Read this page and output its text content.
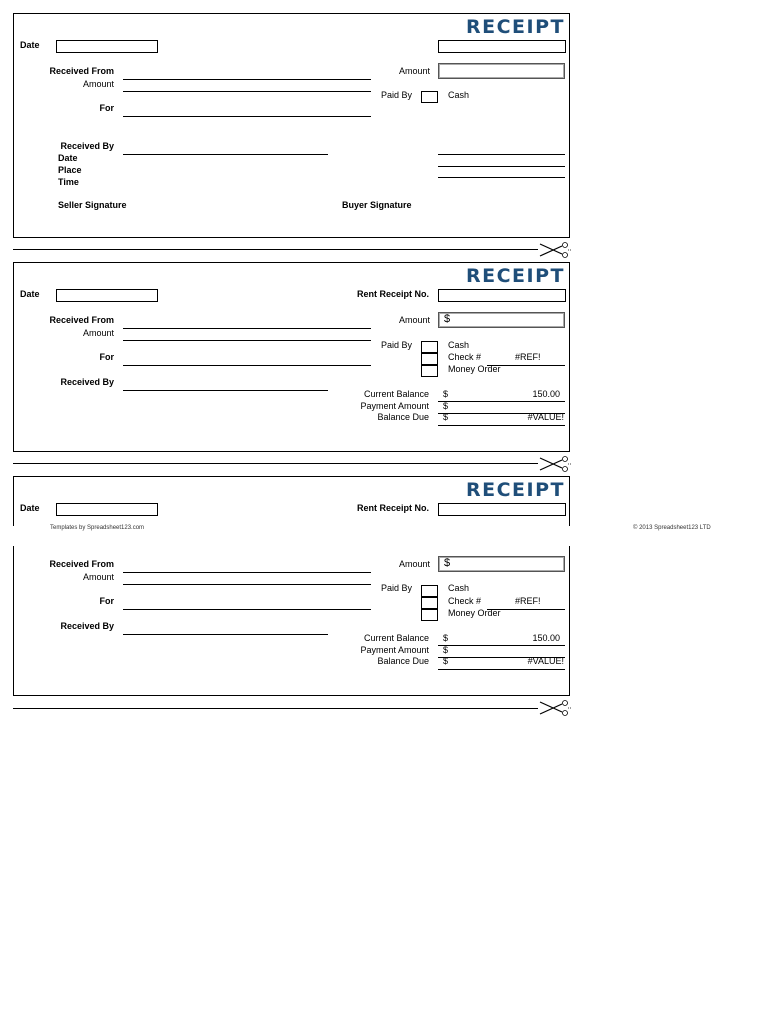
RECEIPT
Date
Received From
Amount
For
Amount
Paid By	Cash
Received By
Date
Place
Time
Seller Signature	Buyer Signature
RECEIPT
Date	Rent Receipt No.
Received From
Amount
For
Received By
Amount $
Paid By	Cash
Check #	#REF!
Money Order
Current Balance $	150.00
Payment Amount $
Balance Due $	#VALUE!
RECEIPT
Date	Rent Receipt No.
Templates by Spreadsheet123.com	© 2013 Spreadsheet123 LTD
Received From
Amount
For
Received By
Amount $
Paid By	Cash
Check #	#REF!
Money Order
Current Balance $	150.00
Payment Amount $
Balance Due $	#VALUE!
